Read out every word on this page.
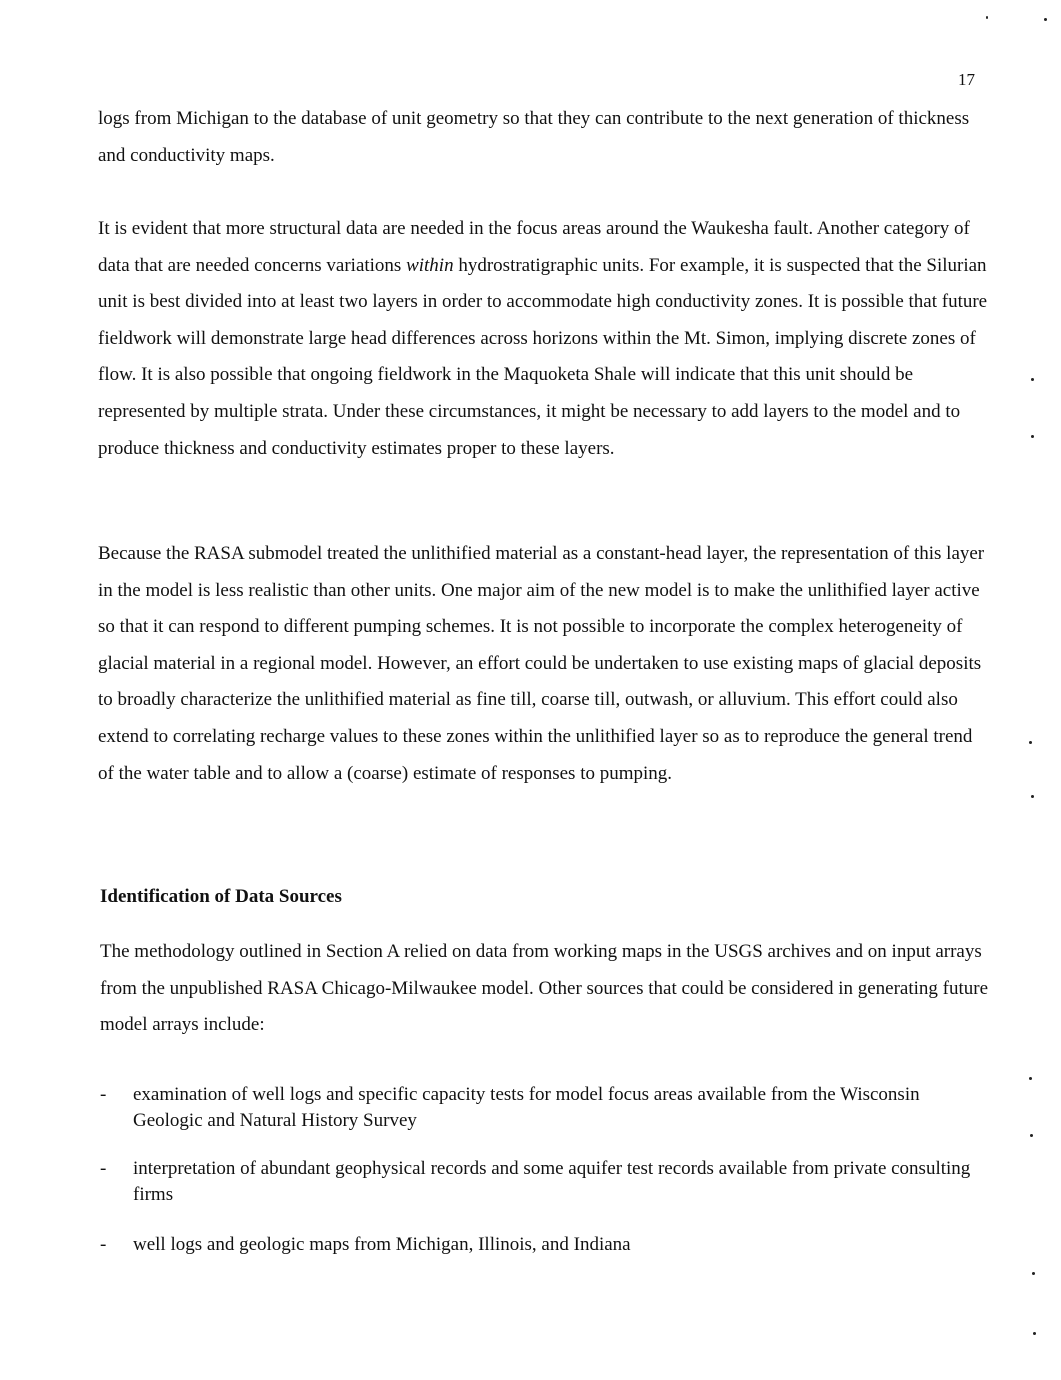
17

logs from Michigan to the database of unit geometry so that they can contribute to the next generation of thickness and conductivity maps.

It is evident that more structural data are needed in the focus areas around the Waukesha fault. Another category of data that are needed concerns variations within hydrostratigraphic units. For example, it is suspected that the Silurian unit is best divided into at least two layers in order to accommodate high conductivity zones. It is possible that future fieldwork will demonstrate large head differences across horizons within the Mt. Simon, implying discrete zones of flow. It is also possible that ongoing fieldwork in the Maquoketa Shale will indicate that this unit should be represented by multiple strata. Under these circumstances, it might be necessary to add layers to the model and to produce thickness and conductivity estimates proper to these layers.

Because the RASA submodel treated the unlithified material as a constant-head layer, the representation of this layer in the model is less realistic than other units. One major aim of the new model is to make the unlithified layer active so that it can respond to different pumping schemes. It is not possible to incorporate the complex heterogeneity of glacial material in a regional model. However, an effort could be undertaken to use existing maps of glacial deposits to broadly characterize the unlithified material as fine till, coarse till, outwash, or alluvium. This effort could also extend to correlating recharge values to these zones within the unlithified layer so as to reproduce the general trend of the water table and to allow a (coarse) estimate of responses to pumping.

Identification of Data Sources

The methodology outlined in Section A relied on data from working maps in the USGS archives and on input arrays from the unpublished RASA Chicago-Milwaukee model. Other sources that could be considered in generating future model arrays include:

- examination of well logs and specific capacity tests for model focus areas available from the Wisconsin Geologic and Natural History Survey
- interpretation of abundant geophysical records and some aquifer test records available from private consulting firms
- well logs and geologic maps from Michigan, Illinois, and Indiana
